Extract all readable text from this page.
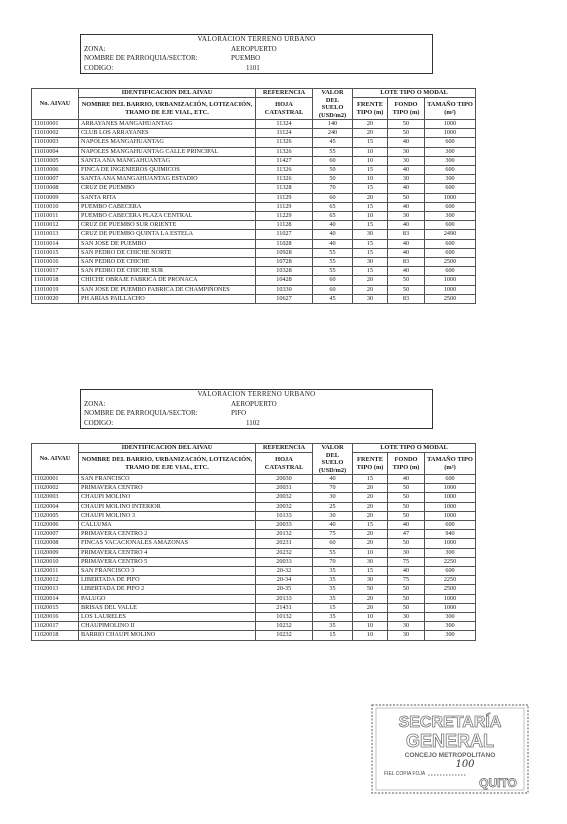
VALORACION TERRENO URBANO
ZONA:	AEROPUERTO
NOMBRE DE PARROQUIA/SECTOR:	PUEMBO
CODIGO:	1101
No. AIVAU	IDENTIFICACION DEL AIVAU	REFERENCIA	VALOR DEL SUELO (USD/m2)	LOTE TIPO O MODAL		
	NOMBRE DEL BARRIO, URBANIZACIÓN, LOTIZACIÓN, TRAMO DE EJE VIAL, ETC.	HOJA CATASTRAL		FRENTE TIPO (m)	FONDO TIPO (m)	TAMAÑO TIPO (m²)
11010001	ARRAYANES MANGAHUANTAG	11324	140	20	50	1000
11010002	CLUB LOS ARRAYANES	11124	240	20	50	1000
11010003	NAPOLES MANGAHUANTAG	11326	45	15	40	600
11010004	NAPOLES MANGAHUANTAG CALLE PRINCIPAL	11326	55	10	30	300
11010005	SANTA ANA MANGAHUANTAG	11427	60	10	30	300
11010006	FINCA DE INGENIEROS QUIMICOS	11326	50	15	40	600
11010007	SANTA ANA MANGAHUANTAG ESTADIO	11326	50	10	30	300
11010008	CRUZ DE PUEMBO	11328	70	15	40	600
11010009	SANTA RITA	11129	60	20	50	1000
11010010	PUEMBO CABECERA	11129	65	15	40	600
11010011	PUEMBO CABECERA PLAZA CENTRAL	11229	65	10	30	300
11010012	CRUZ DE PUEMBO SUR ORIENTE	11128	40	15	40	600
11010013	CRUZ DE PUEMBO QUINTA LA ESTELA	11027	40	30	83	2490
11010014	SAN JOSE DE PUEMBO	11028	40	15	40	600
11010015	SAN PEDRO DE CHICHE NORTE	10928	55	15	40	600
11010016	SAN PEDRO DE CHICHE	10728	55	30	83	2500
11010017	SAN PEDRO DE CHICHE SUR	10328	55	15	40	600
11010018	CHICHE OBRAJE FABRICA DE PRONACA	10428	60	20	50	1000
11010019	SAN JOSE DE PUEMBO FABRICA DE CHAMPIÑONES	10330	60	20	50	1000
11010020	PH ARIAS PAILLACHO	10627	45	30	83	2500
VALORACION TERRENO URBANO
ZONA:	AEROPUERTO
NOMBRE DE PARROQUIA/SECTOR:	PIFO
CODIGO:	1102
No. AIVAU	IDENTIFICACION DEL AIVAU	REFERENCIA	VALOR DEL SUELO (USD/m2)	LOTE TIPO O MODAL		
	NOMBRE DEL BARRIO, URBANIZACIÓN, LOTIZACIÓN, TRAMO DE EJE VIAL, ETC.	HOJA CATASTRAL		FRENTE TIPO (m)	FONDO TIPO (m)	TAMAÑO TIPO (m²)
11020001	SAN FRANCISCO	20030	40	15	40	600
11020002	PRIMAVERA CENTRO	20031	70	20	50	1000
11020003	CHAUPI MOLINO	20032	30	20	50	1000
11020004	CHAUPI MOLINO INTERIOR	20032	25	20	50	1000
11020005	CHAUPI MOLINO 3	10133	30	20	50	1000
11020006	CALLUMA	20033	40	15	40	600
11020007	PRIMAVERA CENTRO 2	20132	75	20	47	940
11020008	FINCAS VACACIONALES AMAZONAS	20231	60	20	50	1000
11020009	PRIMAVERA CENTRO 4	20232	55	10	30	300
11020010	PRIMAVERA CENTRO 5	20033	70	30	75	2250
11020011	SAN FRANCISCO 3	20-32	35	15	40	600
11020012	LIBERTADA DE PIFO	20-34	35	30	75	2250
11020013	LIBERTADA DE PIFO 2	20-35	35	50	50	2500
11020014	PALUGO	20133	35	20	50	1000
11020015	BRISAS DEL VALLE	21431	15	20	50	1000
11020016	LOS LAURELES	10132	35	10	30	300
11020017	CHAUPIMOLINO II	10232	35	10	30	300
11020018	BARRIO CHAUPI MOLINO	10232	15	10	30	300
SECRETARÍA
GENERAL
CONCEJO METROPOLITANO
100
FIEL COPIA FOJA
QUITO
